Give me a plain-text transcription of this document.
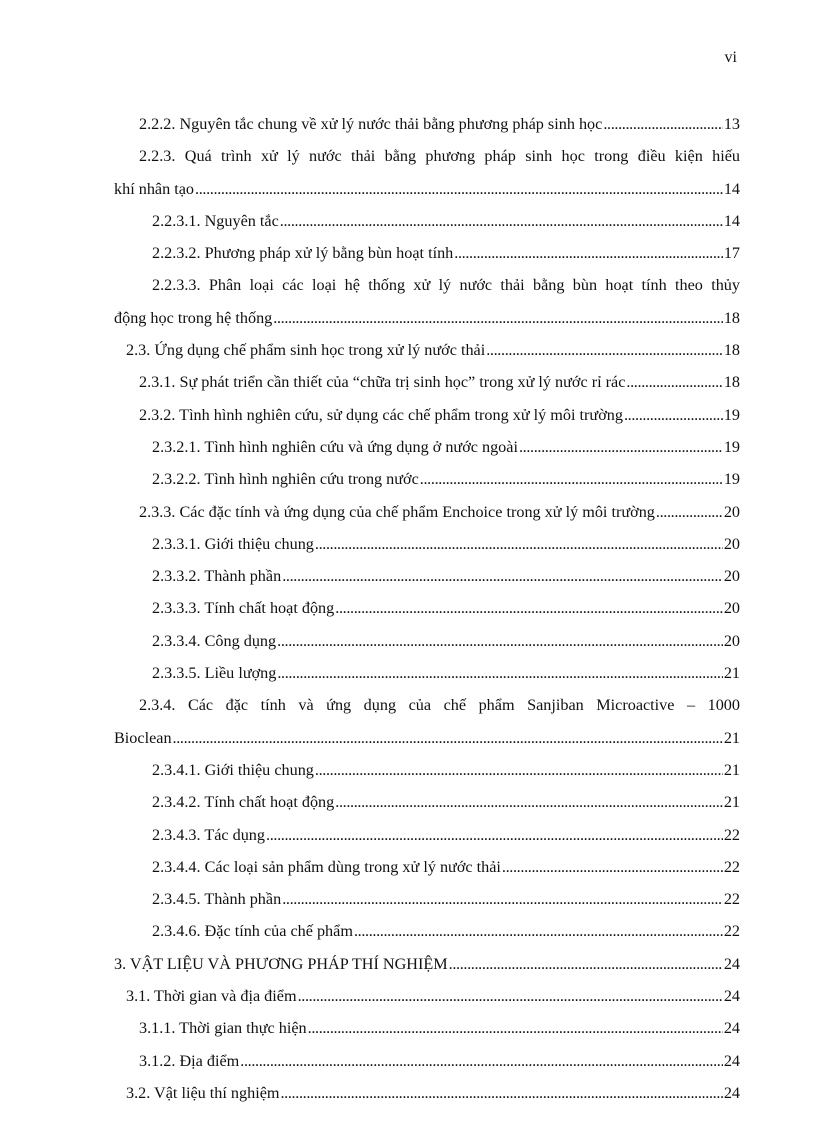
vi
2.2.2. Nguyên tắc chung về xử lý nước thải bằng phương pháp sinh học . . .	13
2.2.3. Quá trình xử lý nước thải bằng phương pháp sinh học trong điều kiện hiếu
khí nhân tạo . . .	14
2.2.3.1. Nguyên tắc . . .	14
2.2.3.2. Phương pháp xử lý bằng bùn hoạt tính . . .	17
2.2.3.3. Phân loại các loại hệ thống xử lý nước thải bằng bùn hoạt tính theo thủy
động học trong hệ thống . . .	18
2.3. Ứng dụng chế phẩm sinh học trong xử lý nước thải . . .	18
2.3.1. Sự phát triển cần thiết của “chữa trị sinh học” trong xử lý nước rỉ rác . . .	18
2.3.2. Tình hình nghiên cứu, sử dụng các chế phẩm trong xử lý môi trường . . .	19
2.3.2.1. Tình hình nghiên cứu và ứng dụng ở nước ngoài . . .	19
2.3.2.2. Tình hình nghiên cứu trong nước . . .	19
2.3.3. Các đặc tính và ứng dụng của chế phẩm Enchoice trong xử lý môi trường . . .	20
2.3.3.1. Giới thiệu chung . . .	20
2.3.3.2. Thành phần . . .	20
2.3.3.3. Tính chất hoạt động . . .	20
2.3.3.4. Công dụng . . .	20
2.3.3.5. Liều lượng . . .	21
2.3.4. Các đặc tính và ứng dụng của chế phẩm Sanjiban Microactive – 1000
Bioclean . . .	21
2.3.4.1. Giới thiệu chung . . .	21
2.3.4.2. Tính chất hoạt động . . .	21
2.3.4.3. Tác dụng . . .	22
2.3.4.4. Các loại sản phẩm dùng trong xử lý nước thải . . .	22
2.3.4.5. Thành phần . . .	22
2.3.4.6. Đặc tính của chế phẩm . . .	22
3. VẬT LIỆU VÀ PHƯƠNG PHÁP THÍ NGHIỆM . . .	24
3.1. Thời gian và địa điểm . . .	24
3.1.1. Thời gian thực hiện . . .	24
3.1.2. Địa điểm . . .	24
3.2. Vật liệu thí nghiệm . . .	24
